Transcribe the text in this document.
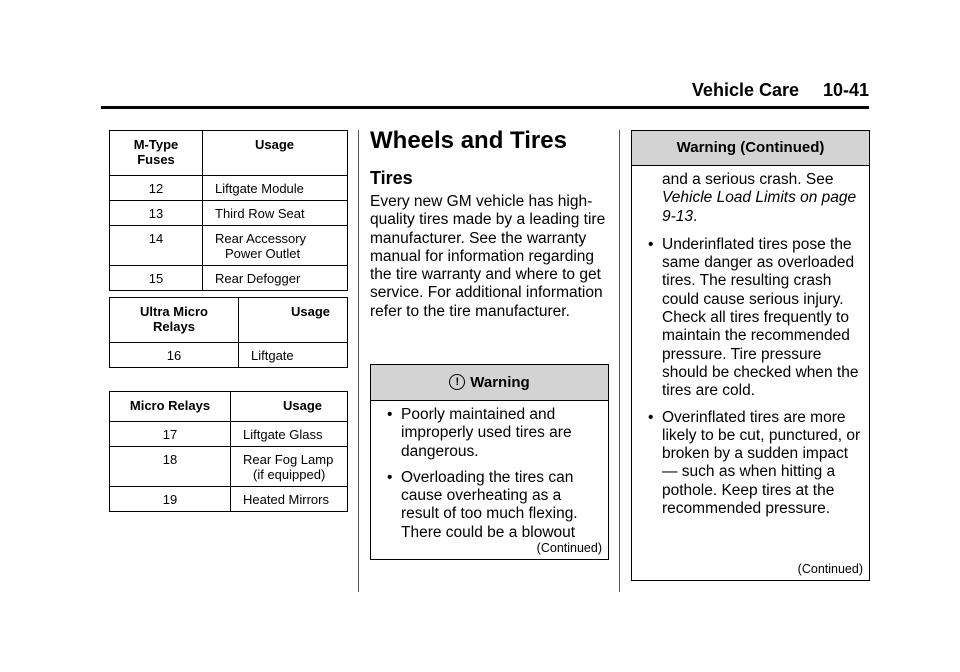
Vehicle Care 10-41
M-Type Fuses	Usage
12	Liftgate Module
13	Third Row Seat
14	Rear Accessory Power Outlet
15	Rear Defogger
Ultra Micro Relays	Usage
16	Liftgate
Micro Relays	Usage
17	Liftgate Glass
18	Rear Fog Lamp (if equipped)
19	Heated Mirrors
Wheels and Tires
Tires
Every new GM vehicle has high-quality tires made by a leading tire manufacturer. See the warranty manual for information regarding the tire warranty and where to get service. For additional information refer to the tire manufacturer.
! Warning
• Poorly maintained and improperly used tires are dangerous.
• Overloading the tires can cause overheating as a result of too much flexing. There could be a blowout
(Continued)
Warning (Continued)
and a serious crash. See Vehicle Load Limits on page 9-13.
• Underinflated tires pose the same danger as overloaded tires. The resulting crash could cause serious injury. Check all tires frequently to maintain the recommended pressure. Tire pressure should be checked when the tires are cold.
• Overinflated tires are more likely to be cut, punctured, or broken by a sudden impact — such as when hitting a pothole. Keep tires at the recommended pressure.
(Continued)
